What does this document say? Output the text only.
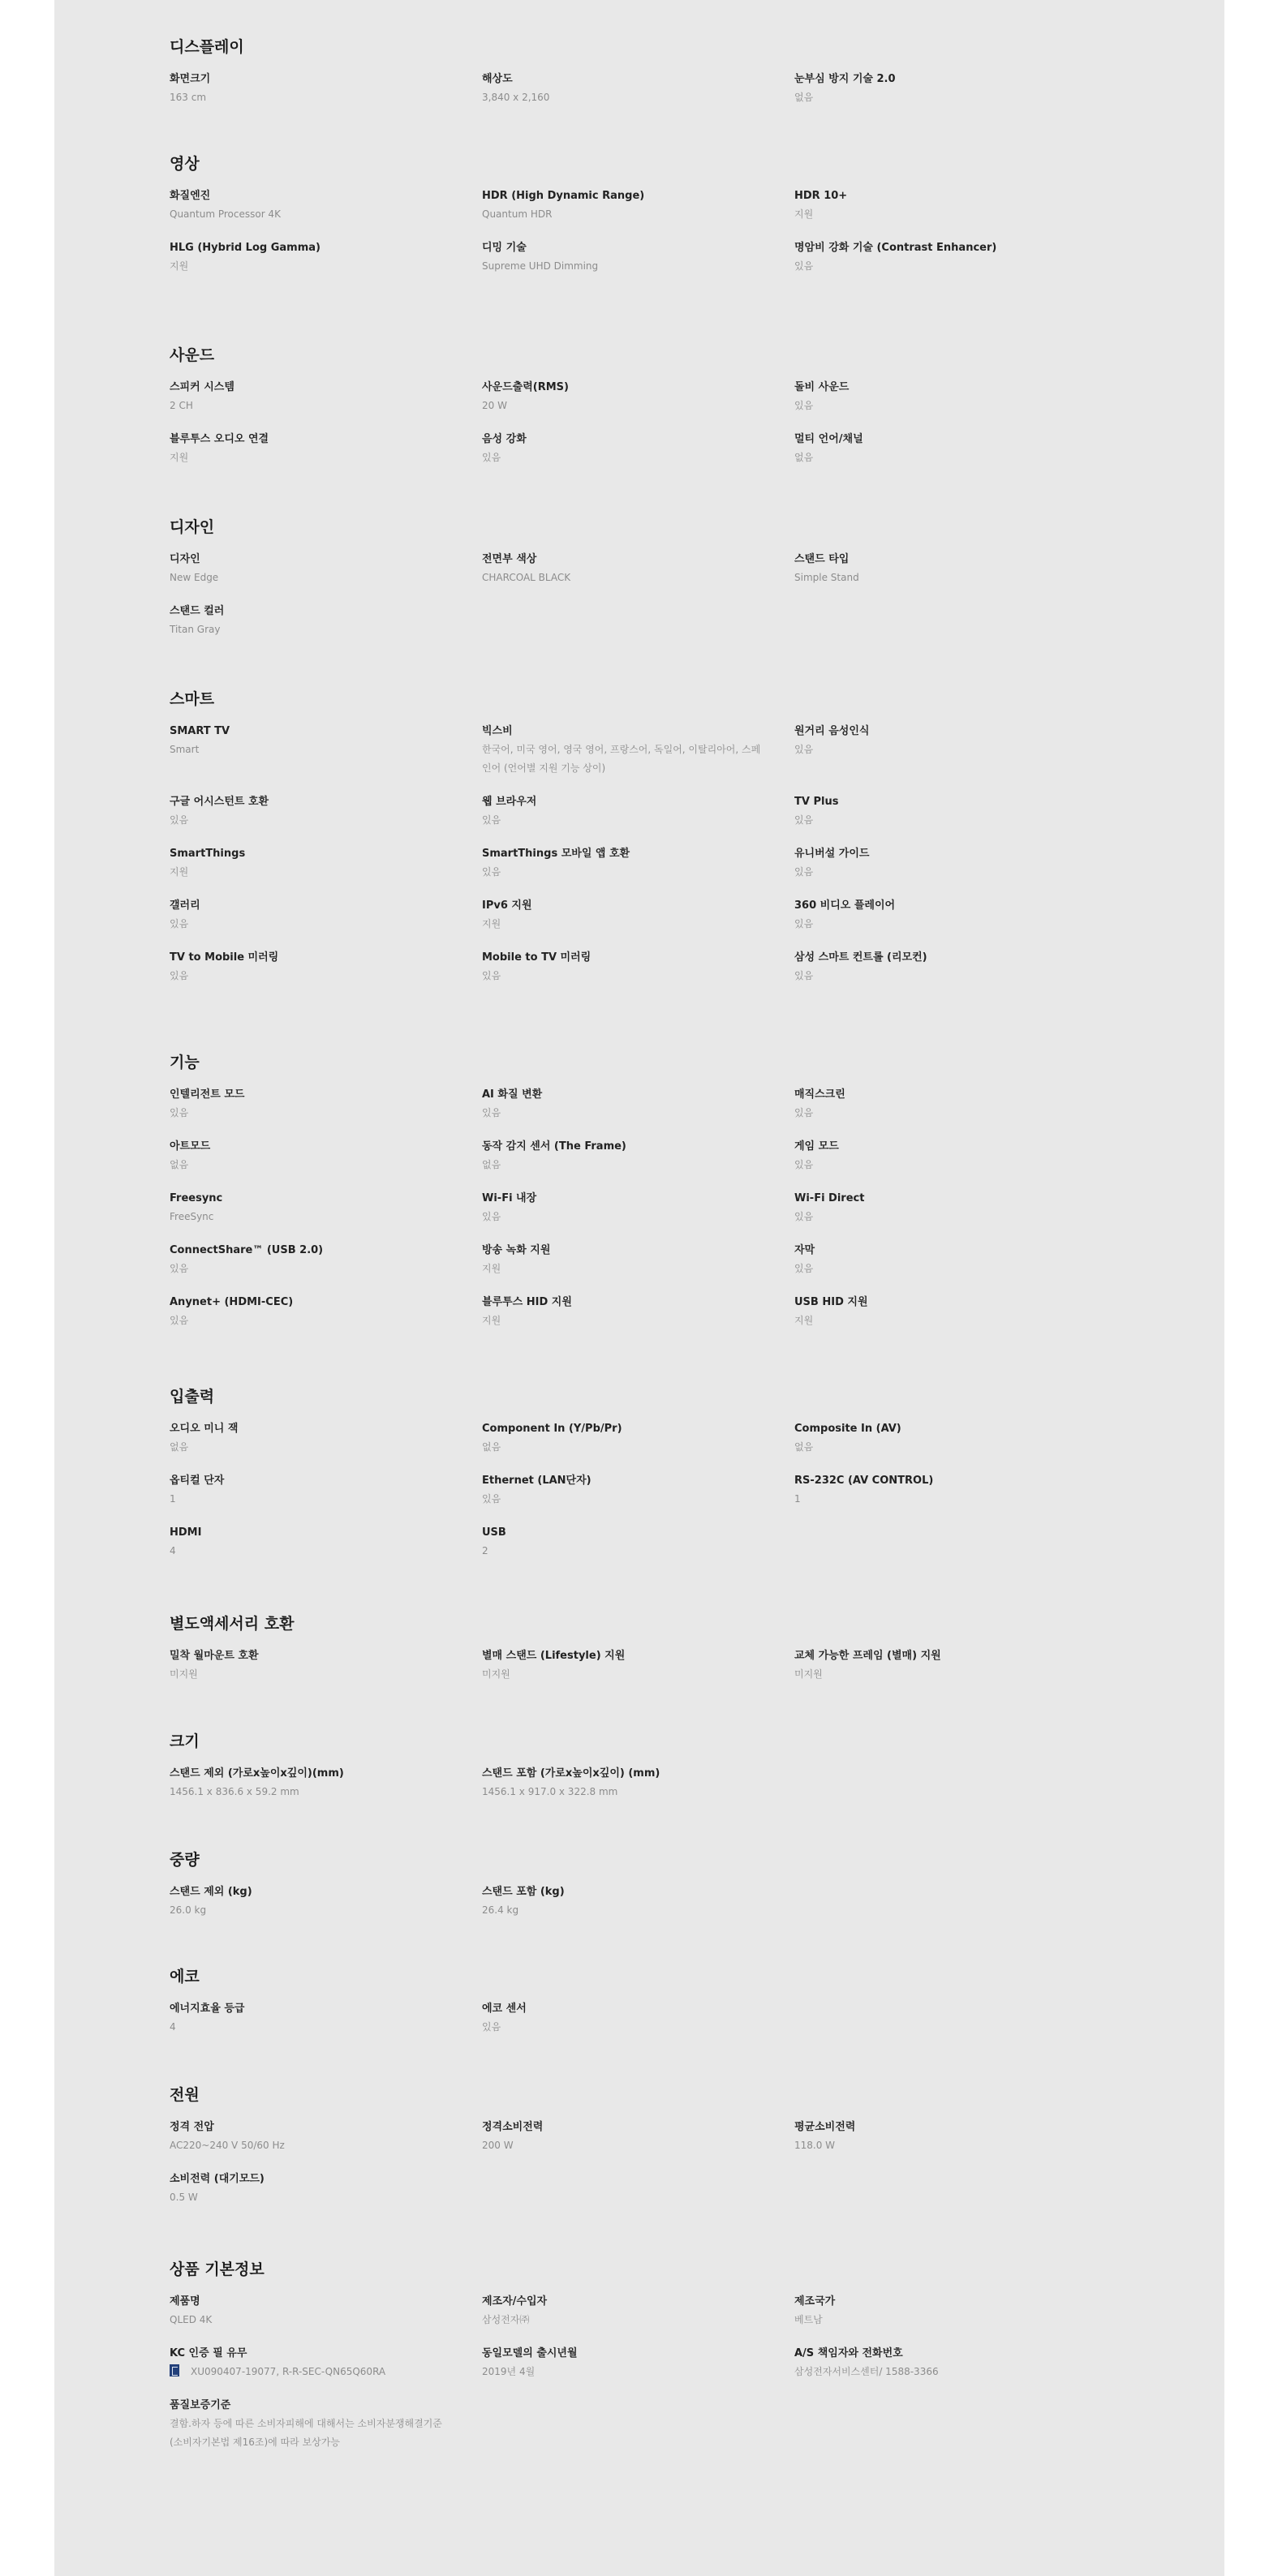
디스플레이
화면크기
163 cm
해상도
3,840 x 2,160
눈부심 방지 기술 2.0
없음
영상
화질엔진
Quantum Processor 4K
HDR (High Dynamic Range)
Quantum HDR
HDR 10+
지원
HLG (Hybrid Log Gamma)
지원
디밍 기술
Supreme UHD Dimming
명암비 강화 기술 (Contrast Enhancer)
있음
사운드
스피커 시스템
2 CH
사운드출력(RMS)
20 W
돌비 사운드
있음
블루투스 오디오 연결
지원
음성 강화
있음
멀티 언어/채널
없음
디자인
디자인
New Edge
전면부 색상
CHARCOAL BLACK
스탠드 타입
Simple Stand
스탠드 컬러
Titan Gray
스마트
SMART TV
Smart
빅스비
한국어, 미국 영어, 영국 영어, 프랑스어, 독일어, 이탈리아어, 스페인어 (언어별 지원 기능 상이)
원거리 음성인식
있음
구글 어시스턴트 호환
있음
웹 브라우저
있음
TV Plus
있음
SmartThings
지원
SmartThings 모바일 앱 호환
있음
유니버설 가이드
있음
갤러리
있음
IPv6 지원
지원
360 비디오 플레이어
있음
TV to Mobile 미러링
있음
Mobile to TV 미러링
있음
삼성 스마트 컨트롤 (리모컨)
있음
기능
인텔리전트 모드
있음
AI 화질 변환
있음
매직스크린
있음
아트모드
없음
동작 감지 센서 (The Frame)
없음
게임 모드
있음
Freesync
FreeSync
Wi-Fi 내장
있음
Wi-Fi Direct
있음
ConnectShare™ (USB 2.0)
있음
방송 녹화 지원
지원
자막
있음
Anynet+ (HDMI-CEC)
있음
블루투스 HID 지원
지원
USB HID 지원
지원
입출력
오디오 미니 잭
없음
Component In (Y/Pb/Pr)
없음
Composite In (AV)
없음
옵티컬 단자
1
Ethernet (LAN단자)
있음
RS-232C (AV CONTROL)
1
HDMI
4
USB
2
별도액세서리 호환
밀착 월마운트 호환
미지원
별매 스탠드 (Lifestyle) 지원
미지원
교체 가능한 프레임 (별매) 지원
미지원
크기
스탠드 제외 (가로x높이x깊이)(mm)
1456.1 x 836.6 x 59.2 mm
스탠드 포함 (가로x높이x깊이) (mm)
1456.1 x 917.0 x 322.8 mm
중량
스탠드 제외 (kg)
26.0 kg
스탠드 포함 (kg)
26.4 kg
에코
에너지효율 등급
4
에코 센서
있음
전원
정격 전압
AC220~240 V 50/60 Hz
정격소비전력
200 W
평균소비전력
118.0 W
소비전력 (대기모드)
0.5 W
상품 기본정보
제품명
QLED 4K
제조자/수입자
삼성전자㈜
제조국가
베트남
KC 인증 필 유무
XU090407-19077, R-R-SEC-QN65Q60RA
동일모델의 출시년월
2019년 4월
A/S 책임자와 전화번호
삼성전자서비스센터/ 1588-3366
품질보증기준
결함.하자 등에 따른 소비자피해에 대해서는 소비자분쟁해결기준(소비자기본법 제16조)에 따라 보상가능
